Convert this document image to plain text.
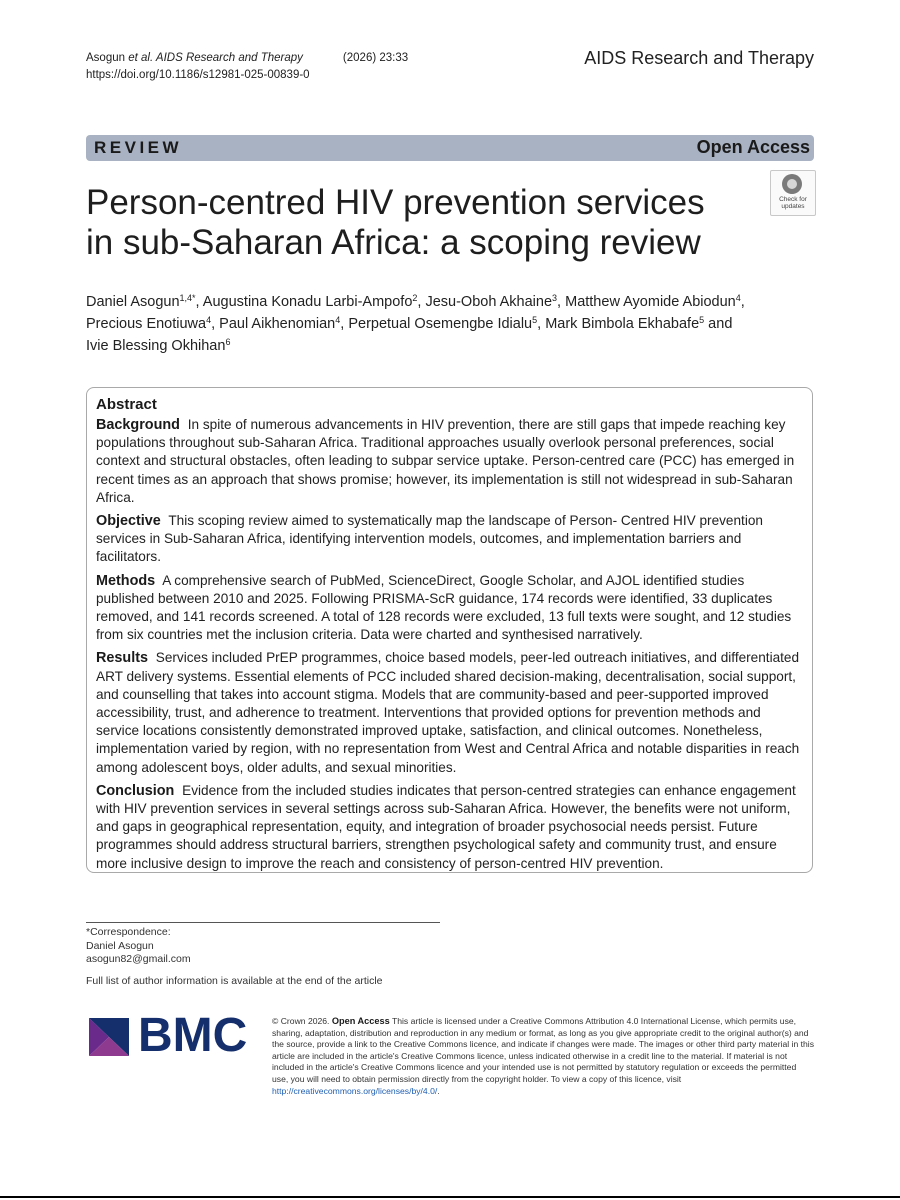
Asogun et al. AIDS Research and Therapy	(2026) 23:33
https://doi.org/10.1186/s12981-025-00839-0
AIDS Research and Therapy
REVIEW	Open Access
Person-centred HIV prevention services
in sub-Saharan Africa: a scoping review
Check for
updates
Daniel Asogun$^{1,4*}$, Augustina Konadu Larbi-Ampofo$^2$, Jesu-Oboh Akhaine$^3$, Matthew Ayomide Abiodun$^4$,
Precious Enotiuwa$^4$, Paul Aikhenomian$^4$, Perpetual Osemengbe Idialu$^5$, Mark Bimbola Ekhabafe$^5$ and
Ivie Blessing Okhihan$^6$
Abstract

Background In spite of numerous advancements in HIV prevention, there are still gaps that impede reaching key populations throughout sub-Saharan Africa. Traditional approaches usually overlook personal preferences, social context and structural obstacles, often leading to subpar service uptake. Person-centred care (PCC) has emerged in recent times as an approach that shows promise; however, its implementation is still not widespread in sub-Saharan Africa.

Objective This scoping review aimed to systematically map the landscape of Person- Centred HIV prevention services in Sub-Saharan Africa, identifying intervention models, outcomes, and implementation barriers and facilitators.

Methods A comprehensive search of PubMed, ScienceDirect, Google Scholar, and AJOL identified studies published between 2010 and 2025. Following PRISMA-ScR guidance, 174 records were identified, 33 duplicates removed, and 141 records screened. A total of 128 records were excluded, 13 full texts were sought, and 12 studies from six countries met the inclusion criteria. Data were charted and synthesised narratively.

Results Services included PrEP programmes, choice based models, peer-led outreach initiatives, and differentiated ART delivery systems. Essential elements of PCC included shared decision-making, decentralisation, social support, and counselling that takes into account stigma. Models that are community-based and peer-supported improved accessibility, trust, and adherence to treatment. Interventions that provided options for prevention methods and service locations consistently demonstrated improved uptake, satisfaction, and clinical outcomes. Nonetheless, implementation varied by region, with no representation from West and Central Africa and notable disparities in reach among adolescent boys, older adults, and sexual minorities.

Conclusion Evidence from the included studies indicates that person-centred strategies can enhance engagement with HIV prevention services in several settings across sub-Saharan Africa. However, the benefits were not uniform, and gaps in geographical representation, equity, and integration of broader psychosocial needs persist. Future programmes should address structural barriers, strengthen psychological safety and community trust, and ensure more inclusive design to improve the reach and consistency of person-centred HIV prevention.

*Correspondence:
Daniel Asogun
asogun82@gmail.com
Full list of author information is available at the end of the article
BMC	© Crown 2026. Open Access This article is licensed under a Creative Commons Attribution 4.0 International License, which permits use, sharing, adaptation, distribution and reproduction in any medium or format, as long as you give appropriate credit to the original author(s) and the source, provide a link to the Creative Commons licence, and indicate if changes were made. The images or other third party material in this article are included in the article's Creative Commons licence, unless indicated otherwise in a credit line to the material. If material is not included in the article's Creative Commons licence and your intended use is not permitted by statutory regulation or exceeds the permitted use, you will need to obtain permission directly from the copyright holder. To view a copy of this licence, visit http://creativecommons.org/licenses/by/4.0/.
